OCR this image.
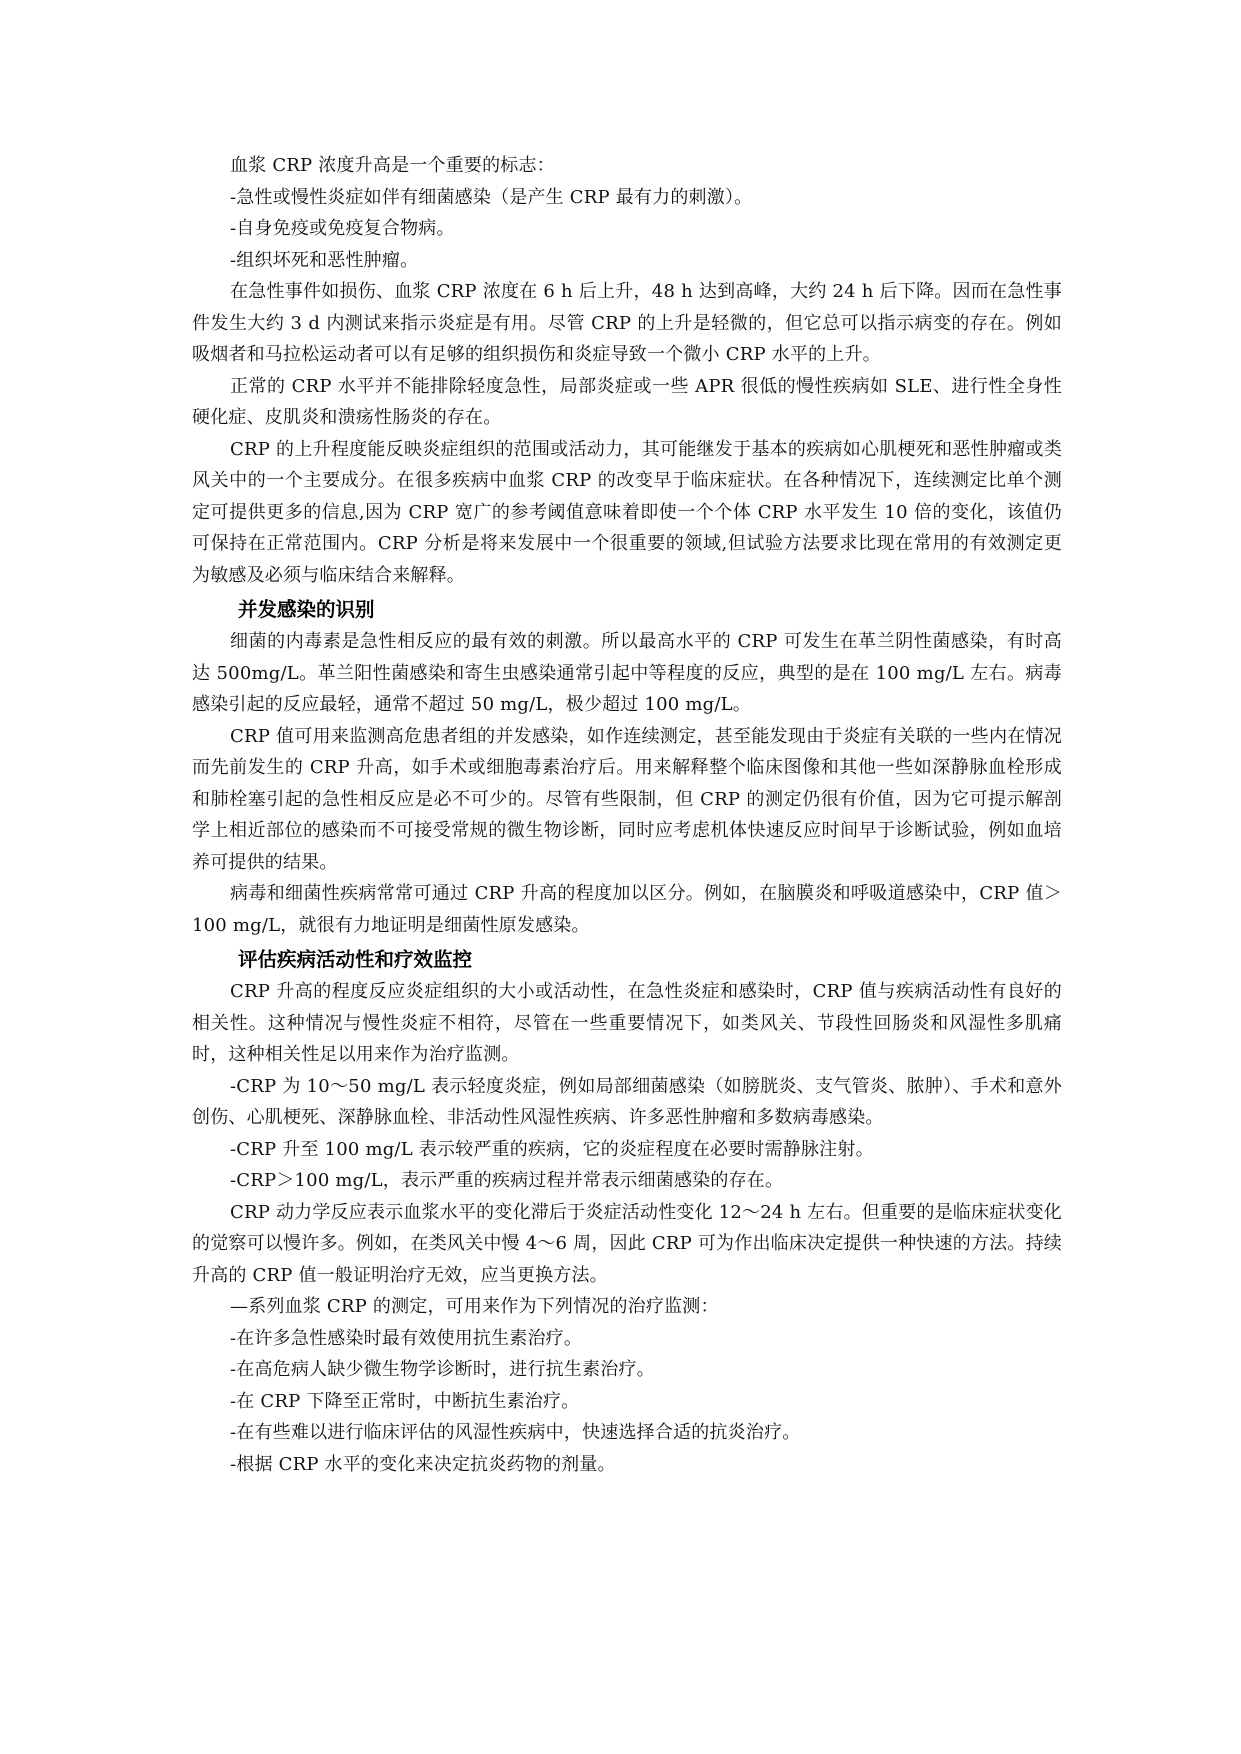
血浆 CRP 浓度升高是一个重要的标志：

-急性或慢性炎症如伴有细菌感染（是产生 CRP 最有力的刺激）。

-自身免疫或免疫复合物病。

-组织坏死和恶性肿瘤。

在急性事件如损伤、血浆 CRP 浓度在 6 h 后上升，48 h 达到高峰，大约 24 h 后下降。因而在急性事件发生大约 3 d 内测试来指示炎症是有用。尽管 CRP 的上升是轻微的，但它总可以指示病变的存在。例如吸烟者和马拉松运动者可以有足够的组织损伤和炎症导致一个微小 CRP 水平的上升。

正常的 CRP 水平并不能排除轻度急性，局部炎症或一些 APR 很低的慢性疾病如 SLE、进行性全身性硬化症、皮肌炎和溃疡性肠炎的存在。

CRP 的上升程度能反映炎症组织的范围或活动力，其可能继发于基本的疾病如心肌梗死和恶性肿瘤或类风关中的一个主要成分。在很多疾病中血浆 CRP 的改变早于临床症状。在各种情况下，连续测定比单个测定可提供更多的信息,因为 CRP 宽广的参考阈值意味着即使一个个体 CRP 水平发生 10 倍的变化，该值仍可保持在正常范围内。CRP 分析是将来发展中一个很重要的领域,但试验方法要求比现在常用的有效测定更为敏感及必须与临床结合来解释。

并发感染的识别

细菌的内毒素是急性相反应的最有效的刺激。所以最高水平的 CRP 可发生在革兰阴性菌感染，有时高达 500mg/L。革兰阳性菌感染和寄生虫感染通常引起中等程度的反应，典型的是在 100 mg/L 左右。病毒感染引起的反应最轻，通常不超过 50 mg/L，极少超过 100 mg/L。

CRP 值可用来监测高危患者组的并发感染，如作连续测定，甚至能发现由于炎症有关联的一些内在情况而先前发生的 CRP 升高，如手术或细胞毒素治疗后。用来解释整个临床图像和其他一些如深静脉血栓形成和肺栓塞引起的急性相反应是必不可少的。尽管有些限制，但 CRP 的测定仍很有价值，因为它可提示解剖学上相近部位的感染而不可接受常规的微生物诊断，同时应考虑机体快速反应时间早于诊断试验，例如血培养可提供的结果。

病毒和细菌性疾病常常可通过 CRP 升高的程度加以区分。例如，在脑膜炎和呼吸道感染中，CRP 值＞100 mg/L，就很有力地证明是细菌性原发感染。

评估疾病活动性和疗效监控

CRP 升高的程度反应炎症组织的大小或活动性，在急性炎症和感染时，CRP 值与疾病活动性有良好的相关性。这种情况与慢性炎症不相符，尽管在一些重要情况下，如类风关、节段性回肠炎和风湿性多肌痛时，这种相关性足以用来作为治疗监测。

-CRP 为 10～50 mg/L 表示轻度炎症，例如局部细菌感染（如膀胱炎、支气管炎、脓肿）、手术和意外创伤、心肌梗死、深静脉血栓、非活动性风湿性疾病、许多恶性肿瘤和多数病毒感染。

-CRP 升至 100 mg/L 表示较严重的疾病，它的炎症程度在必要时需静脉注射。

-CRP＞100 mg/L，表示严重的疾病过程并常表示细菌感染的存在。

CRP 动力学反应表示血浆水平的变化滞后于炎症活动性变化 12～24 h 左右。但重要的是临床症状变化的觉察可以慢许多。例如，在类风关中慢 4～6 周，因此 CRP 可为作出临床决定提供一种快速的方法。持续升高的 CRP 值一般证明治疗无效，应当更换方法。

—系列血浆 CRP 的测定，可用来作为下列情况的治疗监测：

-在许多急性感染时最有效使用抗生素治疗。

-在高危病人缺少微生物学诊断时，进行抗生素治疗。

-在 CRP 下降至正常时，中断抗生素治疗。

-在有些难以进行临床评估的风湿性疾病中，快速选择合适的抗炎治疗。

-根据 CRP 水平的变化来决定抗炎药物的剂量。
